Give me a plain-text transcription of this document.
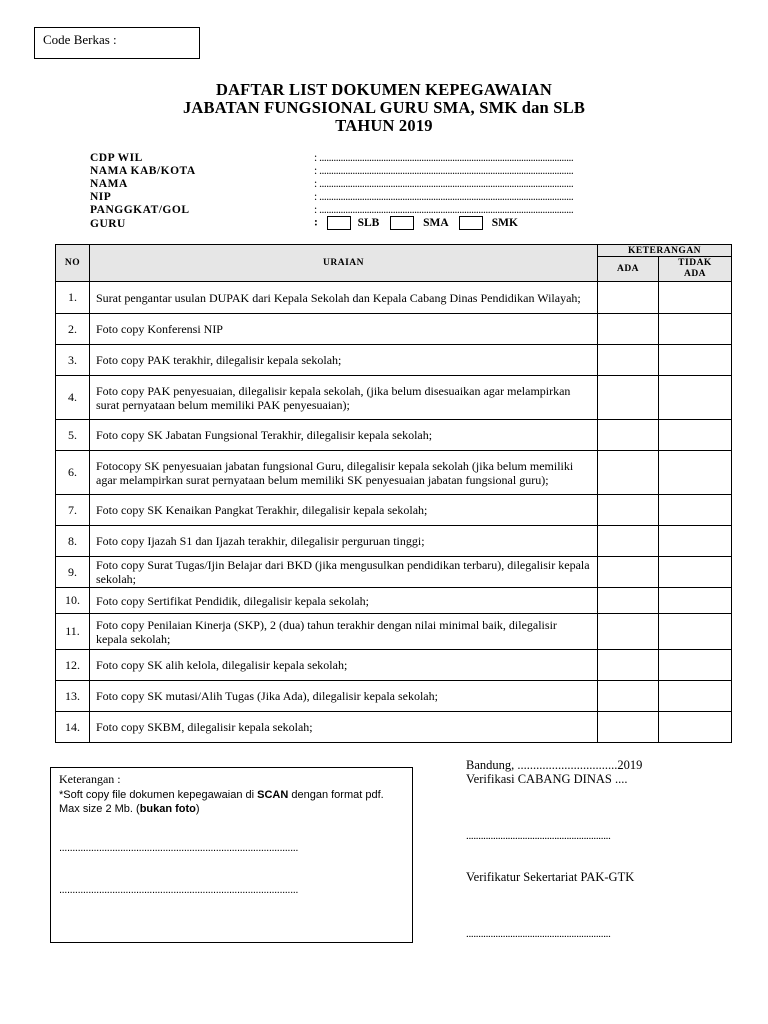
Code Berkas :
DAFTAR LIST DOKUMEN KEPEGAWAIAN
JABATAN FUNGSIONAL GURU SMA, SMK dan SLB
TAHUN 2019
CDP WIL	: ...........................................................................................................
NAMA KAB/KOTA	: ...........................................................................................................
NAMA	: ...........................................................................................................
NIP	: ...........................................................................................................
PANGGKAT/GOL	: ...........................................................................................................
GURU	:	SLB	SMA	SMK
NO	URAIAN	KETERANGAN	
		ADA	TIDAK
ADA
1.	Surat pengantar usulan DUPAK dari Kepala Sekolah dan Kepala Cabang Dinas Pendidikan Wilayah;		
2.	Foto copy Konferensi NIP		
3.	Foto copy PAK terakhir, dilegalisir kepala sekolah;		
4.	Foto copy PAK penyesuaian, dilegalisir kepala sekolah, (jika belum disesuaikan agar melampirkan surat pernyataan belum memiliki PAK penyesuaian);		
5.	Foto copy SK Jabatan Fungsional Terakhir, dilegalisir kepala sekolah;		
6.	Fotocopy SK penyesuaian jabatan fungsional Guru, dilegalisir kepala sekolah (jika belum memiliki agar melampirkan surat pernyataan belum memiliki SK penyesuaian jabatan fungsional guru);		
7.	Foto copy SK Kenaikan Pangkat Terakhir, dilegalisir kepala sekolah;		
8.	Foto copy Ijazah S1 dan Ijazah terakhir, dilegalisir perguruan tinggi;		
9.	Foto copy Surat Tugas/Ijin Belajar dari BKD (jika mengusulkan pendidikan terbaru), dilegalisir kepala sekolah;		
10.	Foto copy Sertifikat Pendidik, dilegalisir kepala sekolah;		
11.	Foto copy Penilaian Kinerja (SKP), 2 (dua) tahun terakhir dengan nilai minimal baik, dilegalisir kepala sekolah;		
12.	Foto copy SK alih kelola, dilegalisir kepala sekolah;		
13.	Foto copy SK mutasi/Alih Tugas (Jika Ada), dilegalisir kepala sekolah;		
14.	Foto copy SKBM, dilegalisir kepala sekolah;		
Keterangan :
*Soft copy file dokumen kepegawaian di SCAN dengan format pdf. Max size 2 Mb. (bukan foto)
..........................................................................................
..........................................................................................
Bandung, ................................2019
Verifikasi CABANG DINAS ....
...........................................................
Verifikatur Sekertariat PAK-GTK
...........................................................
